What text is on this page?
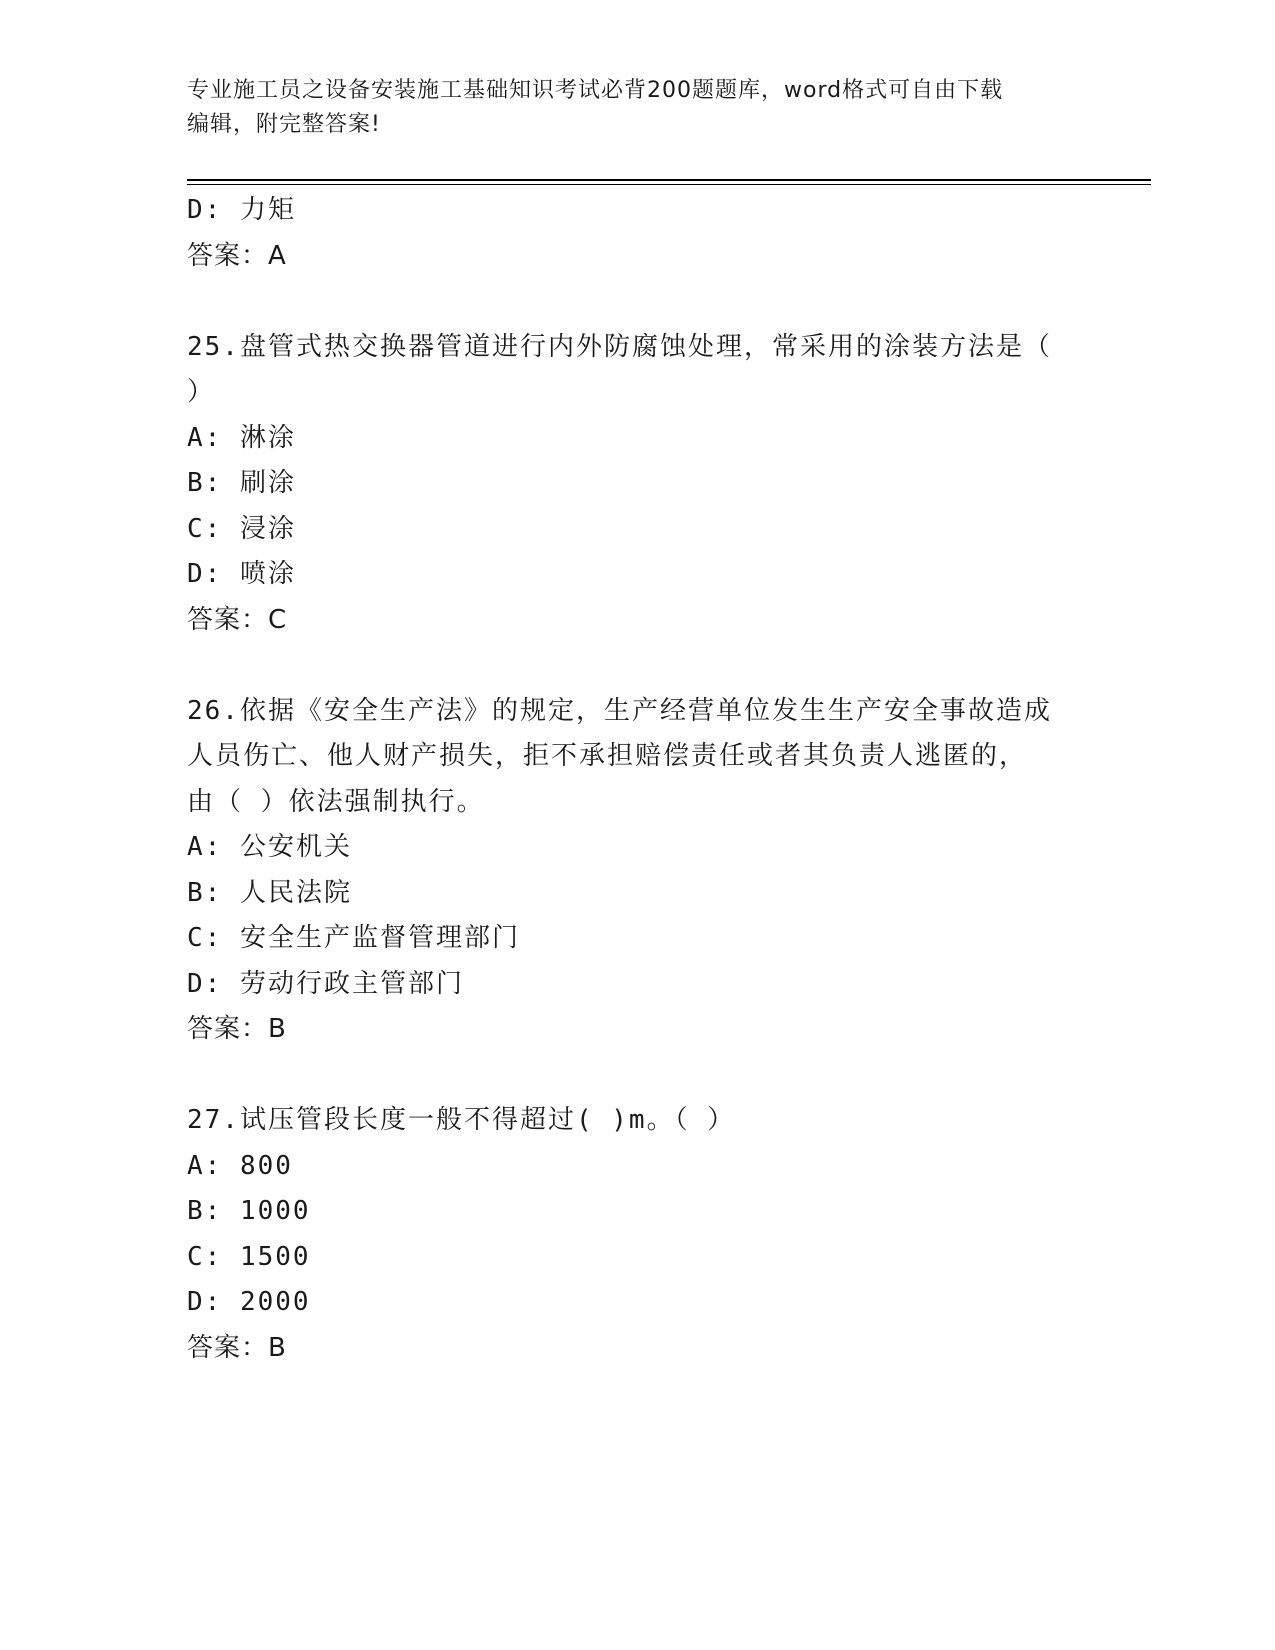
专业施工员之设备安装施工基础知识考试必背200题题库，word格式可自由下载
编辑，附完整答案!
D: 力矩
答案：A
25.盘管式热交换器管道进行内外防腐蚀处理，常采用的涂装方法是（
）
A: 淋涂
B: 刷涂
C: 浸涂
D: 喷涂
答案：C
26.依据《安全生产法》的规定，生产经营单位发生生产安全事故造成
人员伤亡、他人财产损失，拒不承担赔偿责任或者其负责人逃匿的，
由（ ）依法强制执行。
A: 公安机关
B: 人民法院
C: 安全生产监督管理部门
D: 劳动行政主管部门
答案：B
27.试压管段长度一般不得超过( )m。（ ）
A: 800
B: 1000
C: 1500
D: 2000
答案：B
